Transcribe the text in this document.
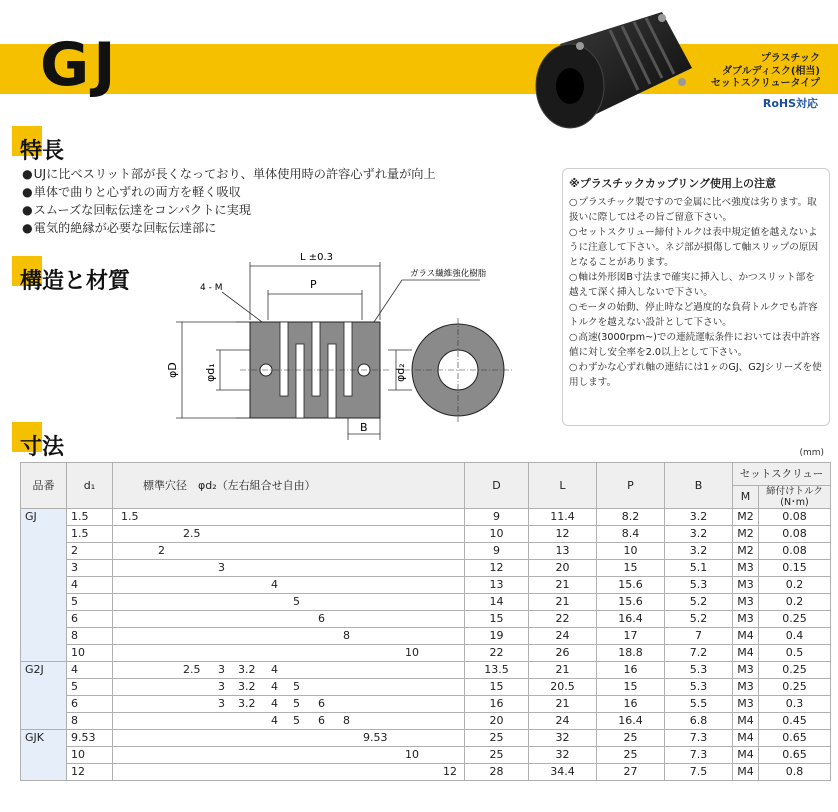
GJ	プラスチック
ダブルディスク(相当)
セットスクリュータイプ
RoHS対応
特長
● UJに比べスリット部が長くなっており、単体使用時の許容心ずれ量が向上
● 単体で曲りと心ずれの両方を軽く吸収
● スムーズな回転伝達をコンパクトに実現
● 電気的絶縁が必要な回転伝達部に
構造と材質
L ±0.3
P
4 - M
ガラス繊維強化樹脂
φD φd₁	φd₂
B
※プラスチックカップリング使用上の注意
○ プラスチック製ですので金属に比べ強度は劣ります。取扱いに際してはその旨ご留意下さい。
○ セットスクリュー締付トルクは表中規定値を越えないように注意して下さい。ネジ部が損傷して軸スリップの原因となることがあります。
○ 軸は外形図B寸法まで確実に挿入し、かつスリット部を越えて深く挿入しないで下さい。
○ モータの始動、停止時など過度的な負荷トルクでも許容トルクを越えない設計として下さい。
○ 高速(3000rpm~)での連続運転条件においては表中許容値に対し安全率を2.0以上として下さい。
○ わずかな心ずれ軸の連結には1ヶのGJ、G2Jシリーズを使用します。
寸法	(mm)
品番	d₁	標準穴径　φd₂（左右組合せ自由）	D	L	P	B	セットスクリュー	
							M	締付けトルク
(N･m)

GJ	1.5	1.5	9	11.4	8.2	3.2	M2	0.08
	1.5	2.5	10	12	8.4	3.2	M2	0.08
	2	2	9	13	10	3.2	M2	0.08
	3	3	12	20	15	5.1	M3	0.15
	4	4	13	21	15.6	5.3	M3	0.2
	5	5	14	21	15.6	5.2	M3	0.2
	6	6	15	22	16.4	5.2	M3	0.25
	8	8	19	24	17	7	M4	0.4
	10	10	22	26	18.8	7.2	M4	0.5
G2J	4	2.5 3 3.2 4	13.5	21	16	5.3	M3	0.25
	5	3 3.2 4 5	15	20.5	15	5.3	M3	0.25
	6	3 3.2 4 5 6	16	21	16	5.5	M3	0.3
	8	4 5 6 8	20	24	16.4	6.8	M4	0.45
GJK	9.53	9.53	25	32	25	7.3	M4	0.65
	10	10	25	32	25	7.3	M4	0.65
	12	12	28	34.4	27	7.5	M4	0.8
